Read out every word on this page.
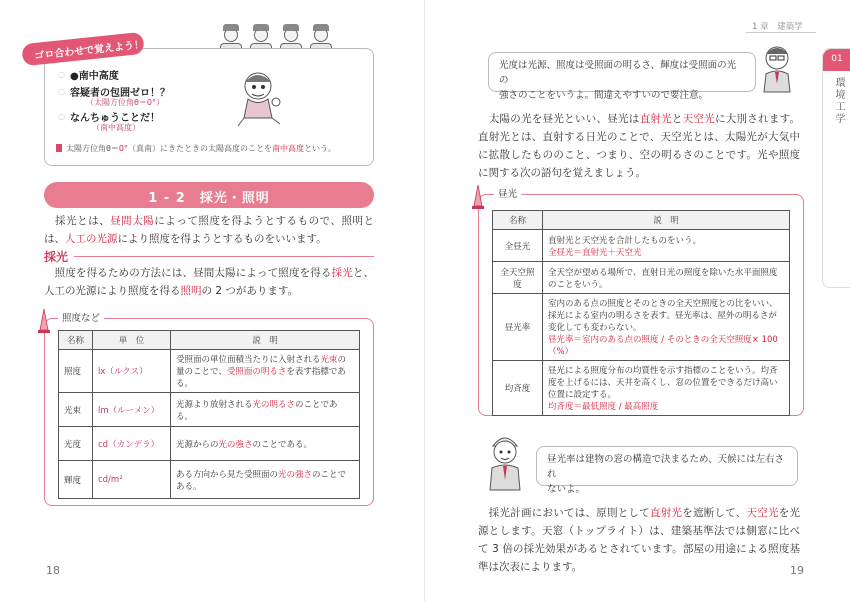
ゴロ合わせで覚えよう！
○ ●南中高度
○ 容疑者の包囲ゼロ！？
（太陽方位角θ＝0°）
○ なんちゅうことだ！
（南中高度）
太陽方位角θ＝0°（真南）にきたときの太陽高度のことを南中高度という。
1 - 2　採光・照明
　採光とは、昼間太陽によって照度を得ようとするもので、照明とは、人工の光源により照度を得ようとするものをいいます。
採光
　照度を得るための方法には、昼間太陽によって照度を得る採光と、人工の光源により照度を得る照明の 2 つがあります。
照度など
名称	単　位	説　明
照度	lx（ルクス）	受照面の単位面積当たりに入射される光束の量のことで、受照面の明るさを表す指標である。
光束	lm（ルーメン）	光源より放射される光の明るさのことである。
光度	cd（カンデラ）	光源からの光の強さのことである。
輝度	cd/m²	ある方向から見た受照面の光の強さのことである。
18
1 章　建築学
01
環境工学
光度は光源、照度は受照面の明るさ、輝度は受照面の光の
強さのことをいうよ。間違えやすいので要注意。
　太陽の光を昼光といい、昼光は直射光と天空光に大別されます。直射光とは、直射する日光のことで、天空光とは、太陽光が大気中に拡散したもののこと、つまり、空の明るさのことです。光や照度に関する次の語句を覚えましょう。
昼光
名称	説　明
全昼光	直射光と天空光を合計したものをいう。
全昼光＝直射光＋天空光

全天空照度	全天空が望める場所で、直射日光の照度を除いた水平面照度のことをいう。
昼光率	室内のある点の照度とそのときの全天空照度との比をいい、採光による室内の明るさを表す。昼光率は、屋外の明るさが変化しても変わらない。
昼光率＝室内のある点の照度 / そのときの全天空照度× 100（%）

均斉度	昼光による照度分布の均質性を示す指標のことをいう。均斉度を上げるには、天井を高くし、窓の位置をできるだけ高い位置に設定する。
均斉度＝最低照度 / 最高照度
昼光率は建物の窓の構造で決まるため、天候には左右され
ないよ。
　採光計画においては、原則として直射光を遮断して、天空光を光源とします。天窓（トップライト）は、建築基準法では側窓に比べて 3 倍の採光効果があるとされています。部屋の用途による照度基準は次表によります。	19
